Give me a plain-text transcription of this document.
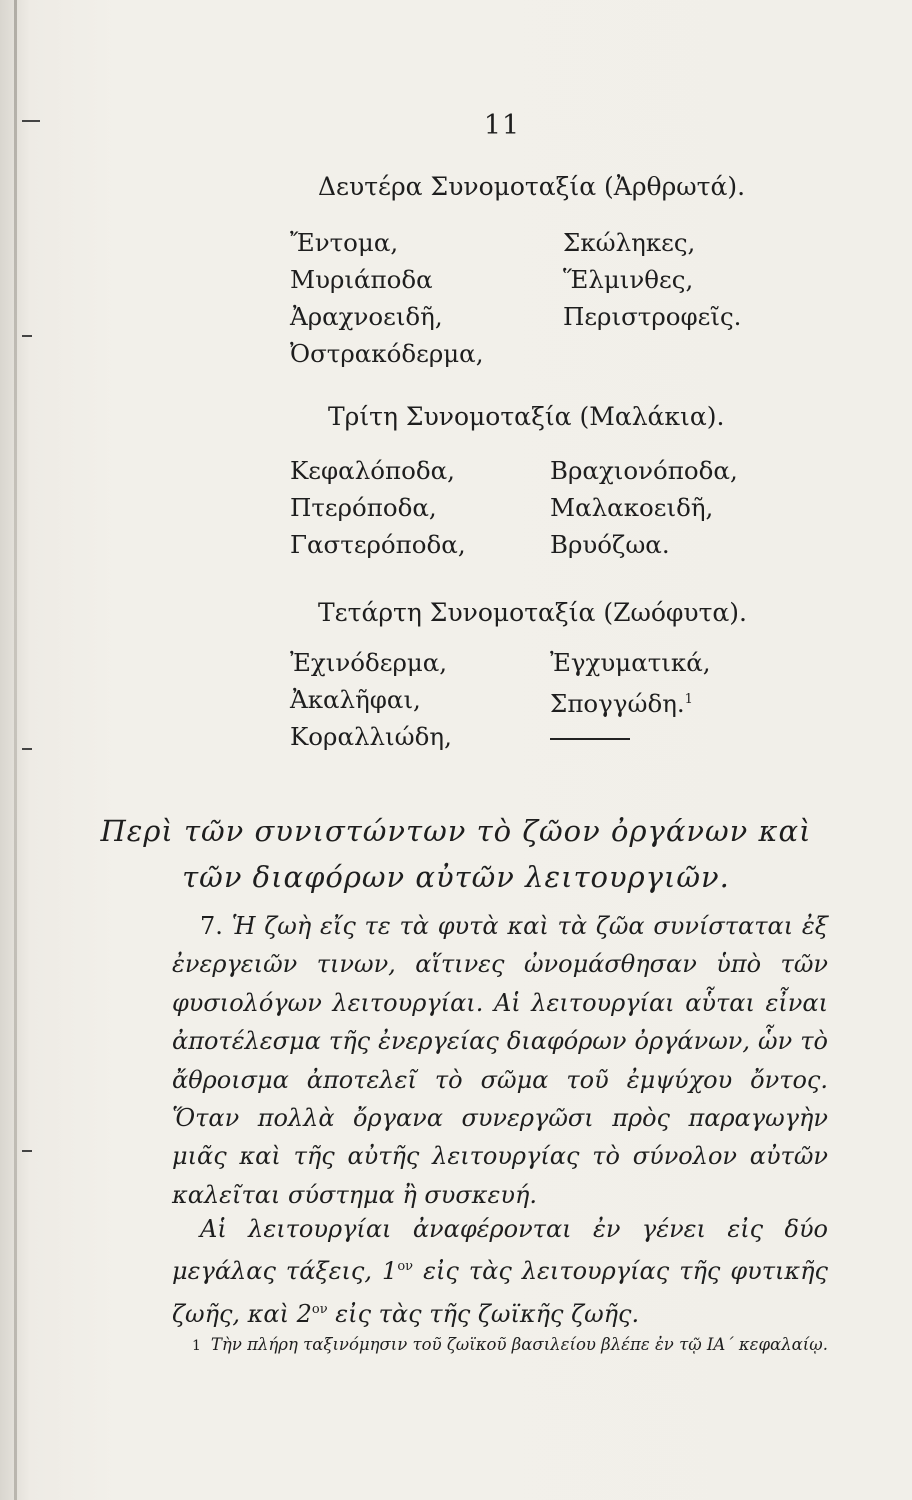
11
Δευτέρα Συνομοταξία (Ἀρθρωτά).
Ἔντομα,
Μυριάποδα
Ἀραχνοειδῆ,
Ὀστρακόδερμα,
Σκώληκες,
Ἕλμινθες,
Περιστροφεῖς.
Τρίτη Συνομοταξία (Μαλάκια).
Κεφαλόποδα,
Πτερόποδα,
Γαστερόποδα,
Βραχιονόποδα,
Μαλακοειδῆ,
Βρυόζωα.
Τετάρτη Συνομοταξία (Ζωόφυτα).
Ἐχινόδερμα,
Ἀκαλῆφαι,
Κοραλλιώδη,
Ἐγχυματικά,
Σπογγώδη.$^1$
Περὶ τῶν συνιστώντων τὸ ζῶον ὀργάνων καὶ
τῶν διαφόρων αὐτῶν λειτουργιῶν.
7. Ἡ ζωὴ εἴς τε τὰ φυτὰ καὶ τὰ ζῶα συνίσταται ἐξ ἐνεργειῶν τινων, αἵτινες ὠνομάσθησαν ὑπὸ τῶν φυσιολόγων λειτουργίαι. Αἱ λειτουργίαι αὗται εἶναι ἀποτέλεσμα τῆς ἐνεργείας διαφόρων ὀργάνων, ὧν τὸ ἄθροισμα ἀποτελεῖ τὸ σῶμα τοῦ ἐμψύχου ὄντος. Ὅταν πολλὰ ὄργανα συνεργῶσι πρὸς παραγωγὴν μιᾶς καὶ τῆς αὐτῆς λειτουργίας τὸ σύνολον αὐτῶν καλεῖται σύστημα ἢ συσκευή.
Αἱ λειτουργίαι ἀναφέρονται ἐν γένει εἰς δύο μεγάλας τάξεις, $1^{o\nu}$ εἰς τὰς λειτουργίας τῆς φυτικῆς ζωῆς, καὶ $2^{o\nu}$ εἰς τὰς τῆς ζωϊκῆς ζωῆς.
1 Τὴν πλήρη ταξινόμησιν τοῦ ζωϊκοῦ βασιλείου βλέπε ἐν τῷ ΙΑ΄ κεφαλαίῳ.
